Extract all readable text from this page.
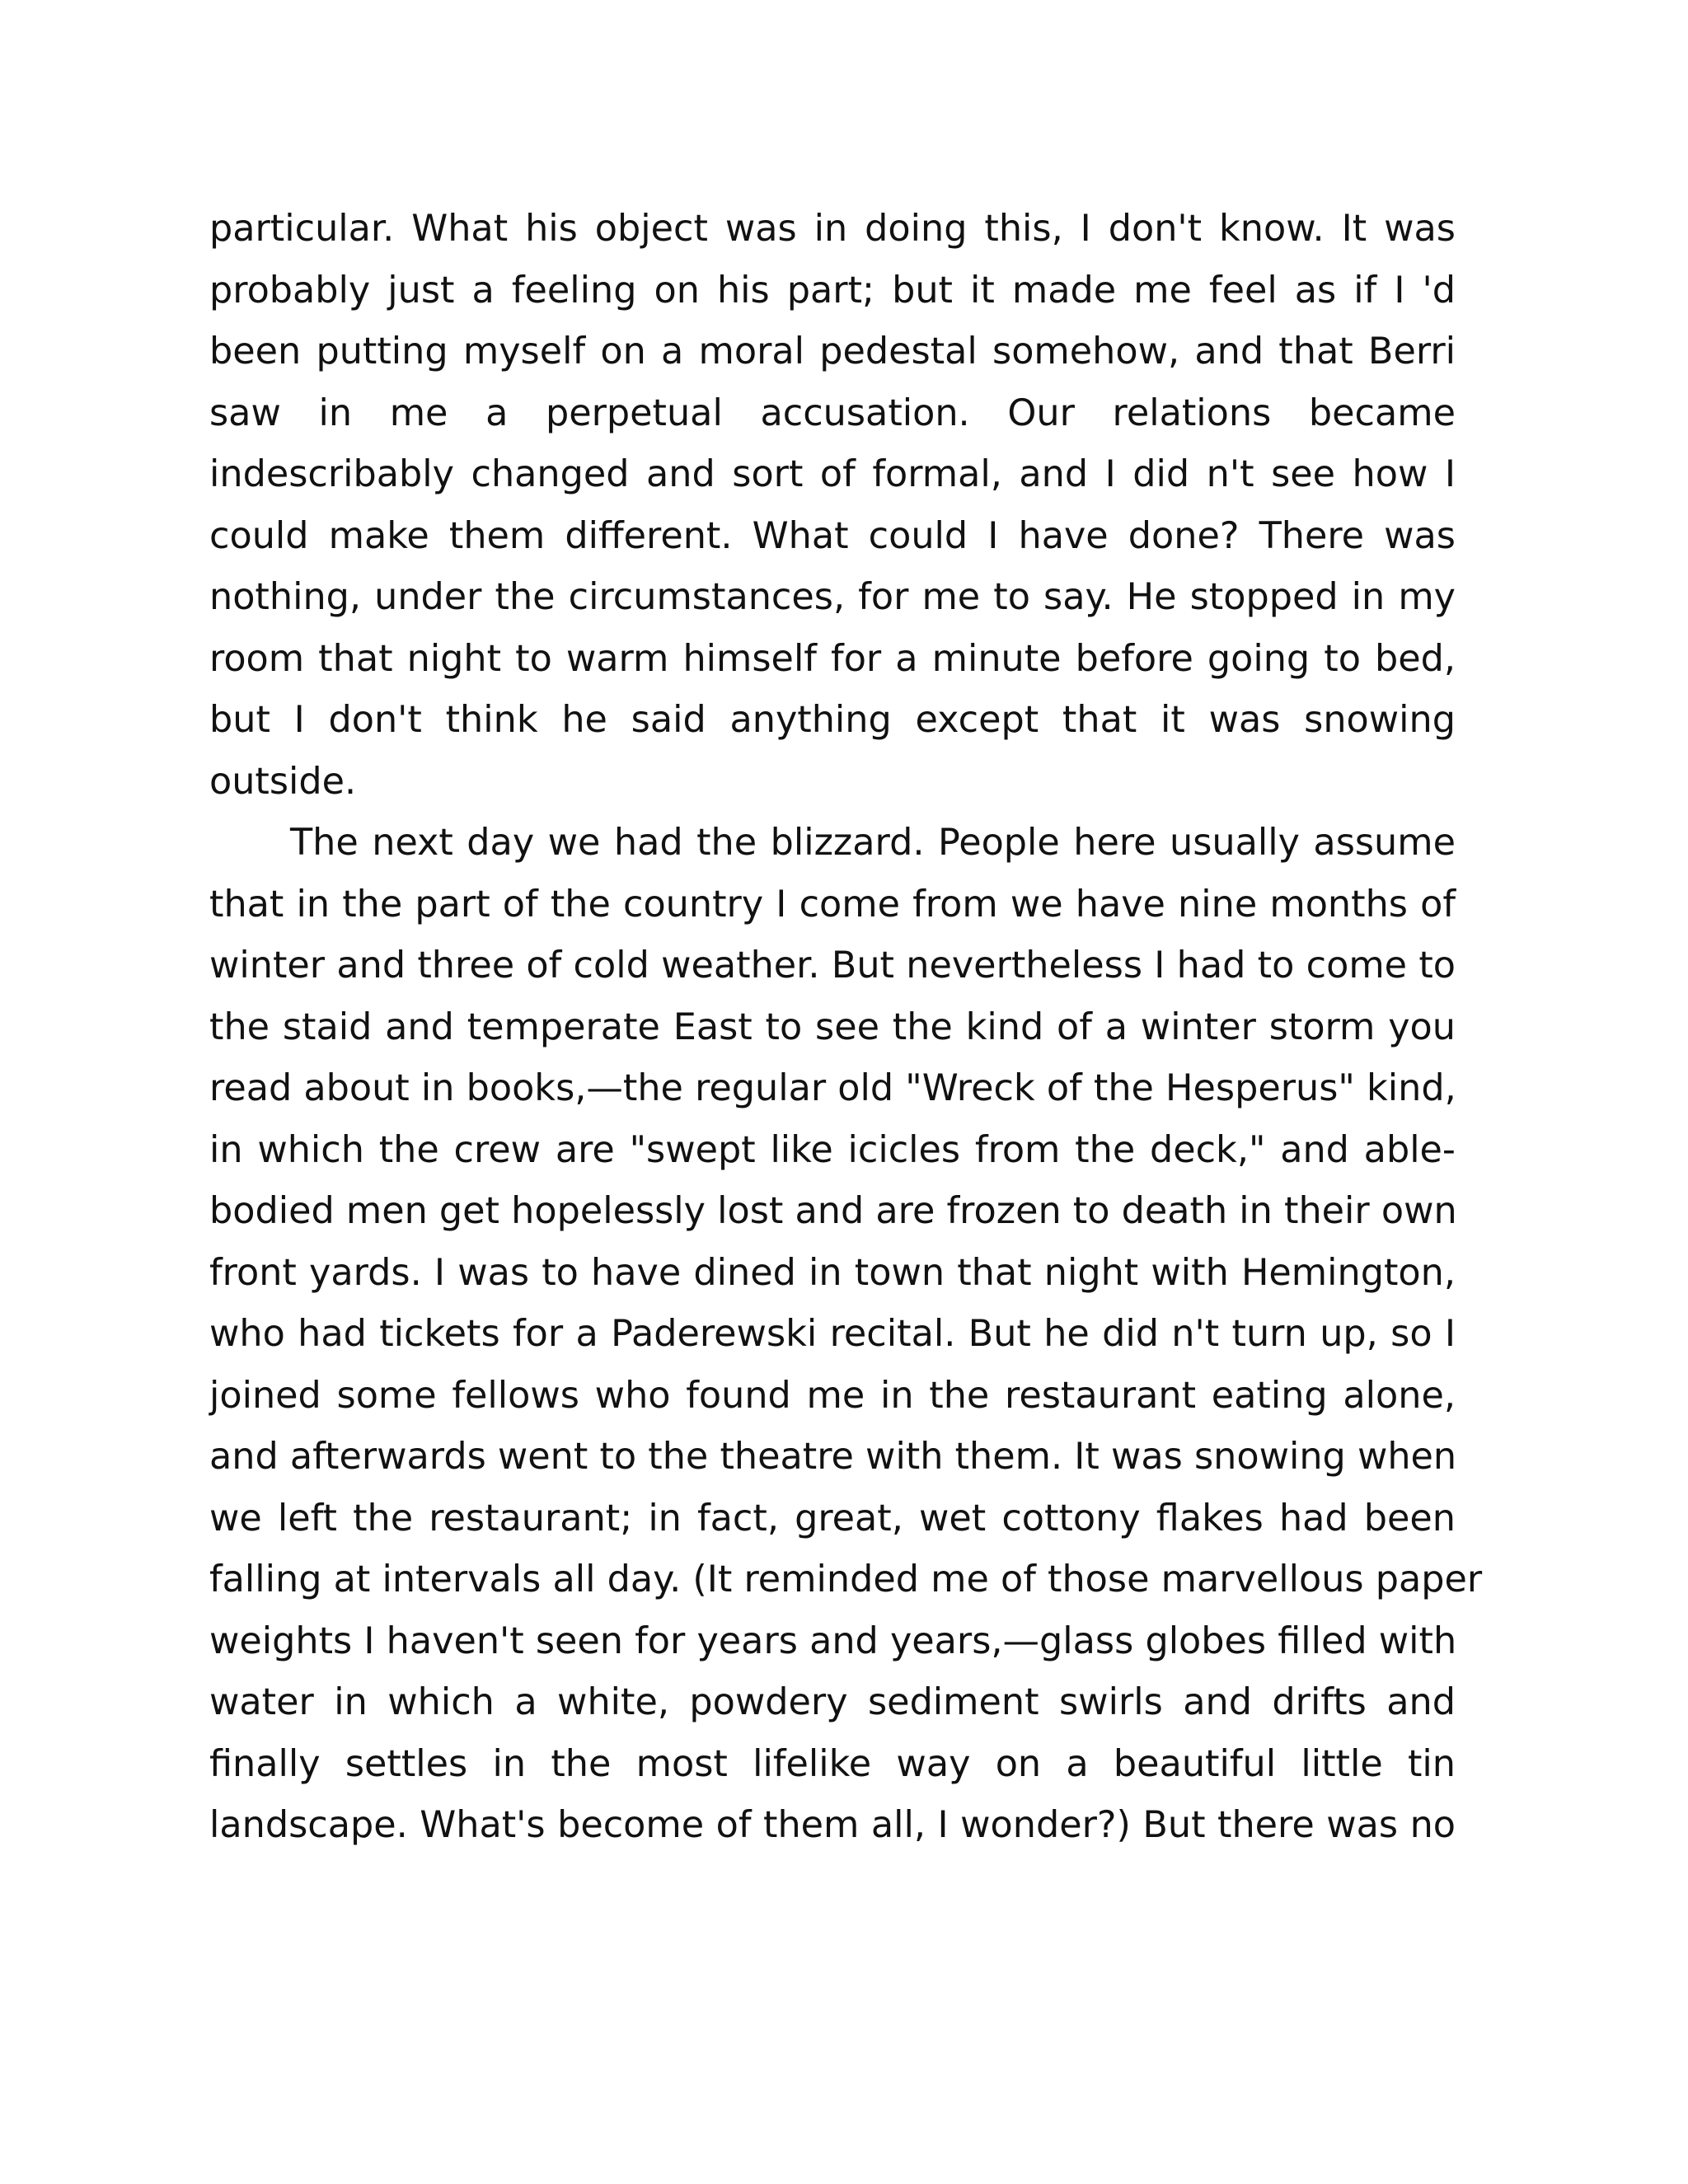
particular. What his object was in doing this, I don't know. It was
probably just a feeling on his part; but it made me feel as if I 'd
been putting myself on a moral pedestal somehow, and that Berri
saw in me a perpetual accusation. Our relations became
indescribably changed and sort of formal, and I did n't see how I
could make them different. What could I have done? There was
nothing, under the circumstances, for me to say. He stopped in my
room that night to warm himself for a minute before going to bed,
but I don't think he said anything except that it was snowing
outside.
The next day we had the blizzard. People here usually assume
that in the part of the country I come from we have nine months of
winter and three of cold weather. But nevertheless I had to come to
the staid and temperate East to see the kind of a winter storm you
read about in books,—the regular old "Wreck of the Hesperus" kind,
in which the crew are "swept like icicles from the deck," and able-
bodied men get hopelessly lost and are frozen to death in their own
front yards. I was to have dined in town that night with Hemington,
who had tickets for a Paderewski recital. But he did n't turn up, so I
joined some fellows who found me in the restaurant eating alone,
and afterwards went to the theatre with them. It was snowing when
we left the restaurant; in fact, great, wet cottony flakes had been
falling at intervals all day. (It reminded me of those marvellous paper
weights I haven't seen for years and years,—glass globes filled with
water in which a white, powdery sediment swirls and drifts and
finally settles in the most lifelike way on a beautiful little tin
landscape. What's become of them all, I wonder?) But there was no
